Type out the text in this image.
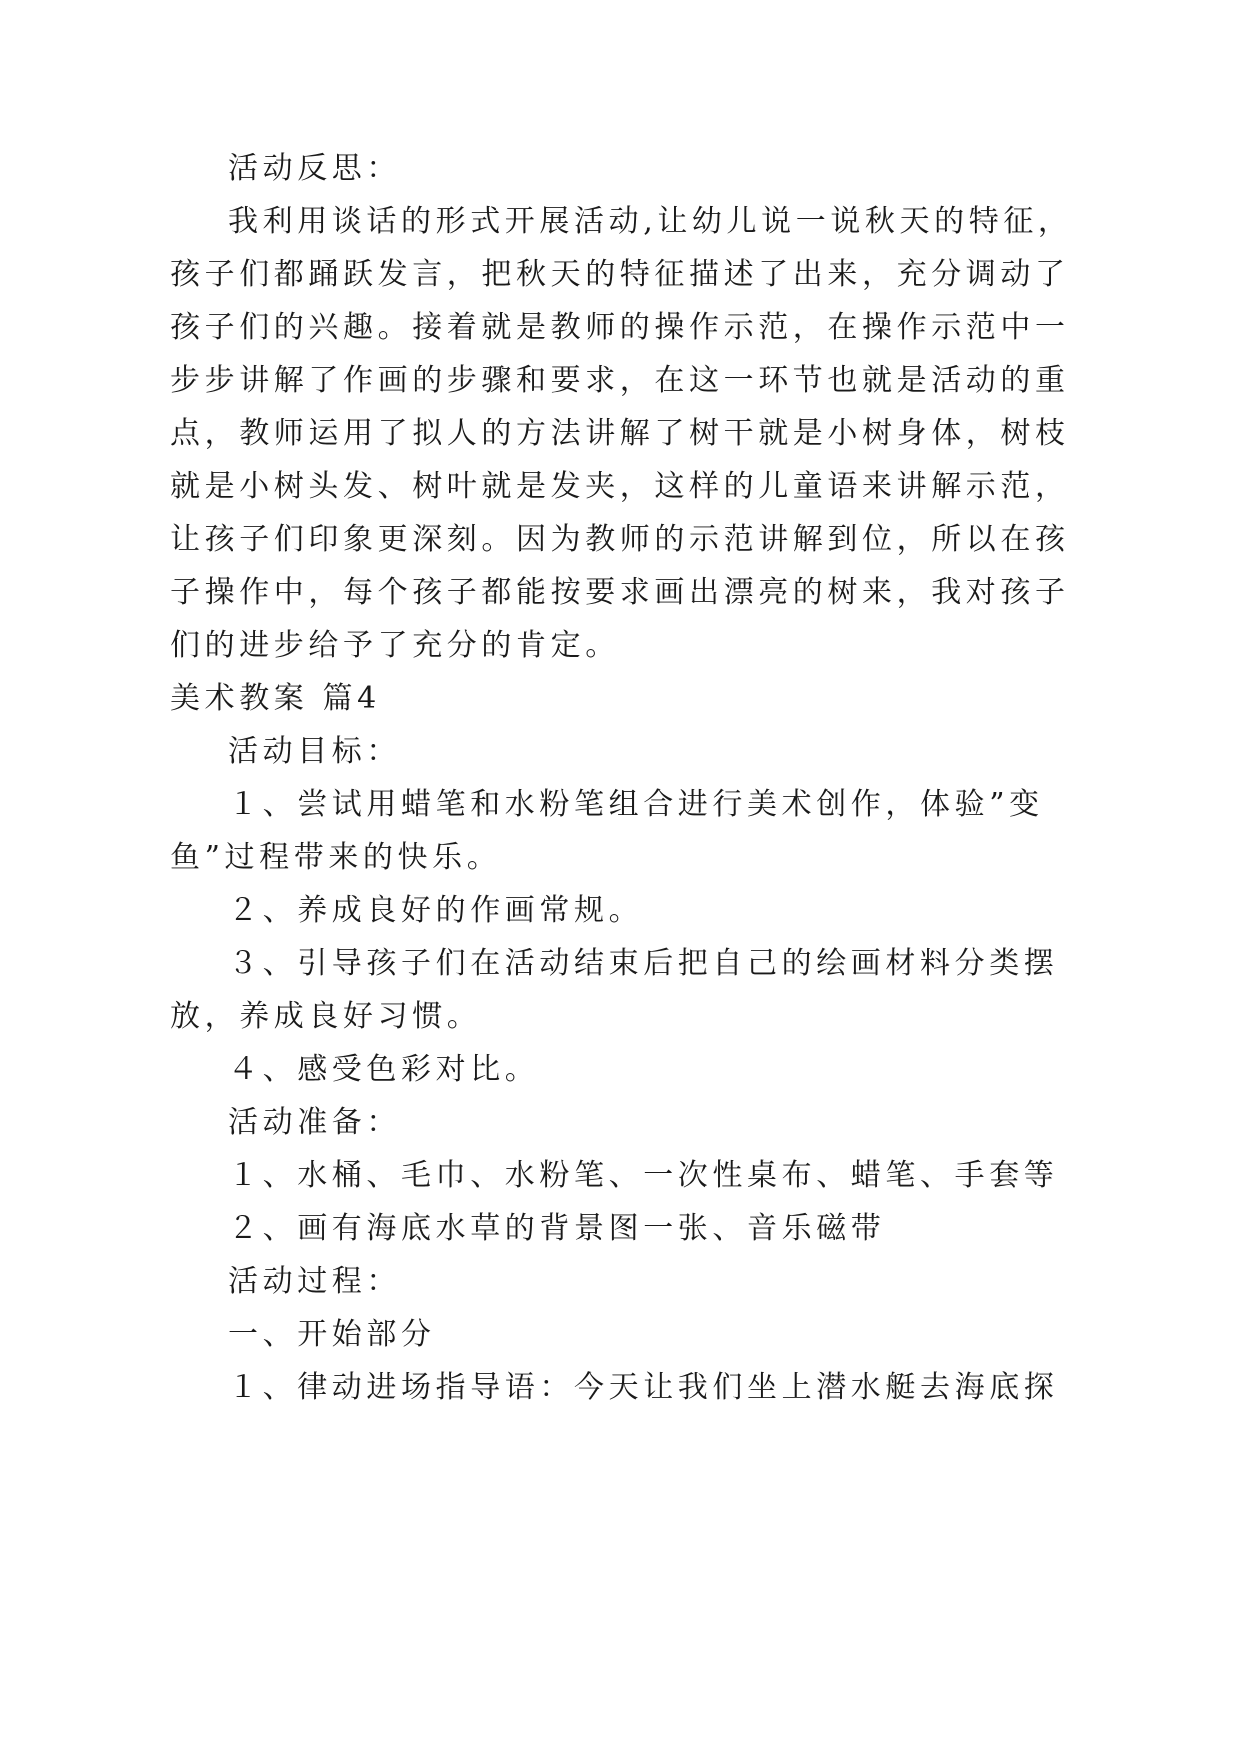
活动反思：
我利用谈话的形式开展活动,让幼儿说一说秋天的特征，
孩子们都踊跃发言，把秋天的特征描述了出来，充分调动了
孩子们的兴趣。接着就是教师的操作示范，在操作示范中一
步步讲解了作画的步骤和要求，在这一环节也就是活动的重
点，教师运用了拟人的方法讲解了树干就是小树身体，树枝
就是小树头发、树叶就是发夹，这样的儿童语来讲解示范，
让孩子们印象更深刻。因为教师的示范讲解到位，所以在孩
子操作中，每个孩子都能按要求画出漂亮的树来，我对孩子
们的进步给予了充分的肯定。
美术教案 篇4
活动目标：
１、尝试用蜡笔和水粉笔组合进行美术创作，体验”变
鱼”过程带来的快乐。
２、养成良好的作画常规。
３、引导孩子们在活动结束后把自己的绘画材料分类摆
放，养成良好习惯。
４、感受色彩对比。
活动准备：
１、水桶、毛巾、水粉笔、一次性桌布、蜡笔、手套等
２、画有海底水草的背景图一张、音乐磁带
活动过程：
一、开始部分
１、律动进场指导语：今天让我们坐上潜水艇去海底探
